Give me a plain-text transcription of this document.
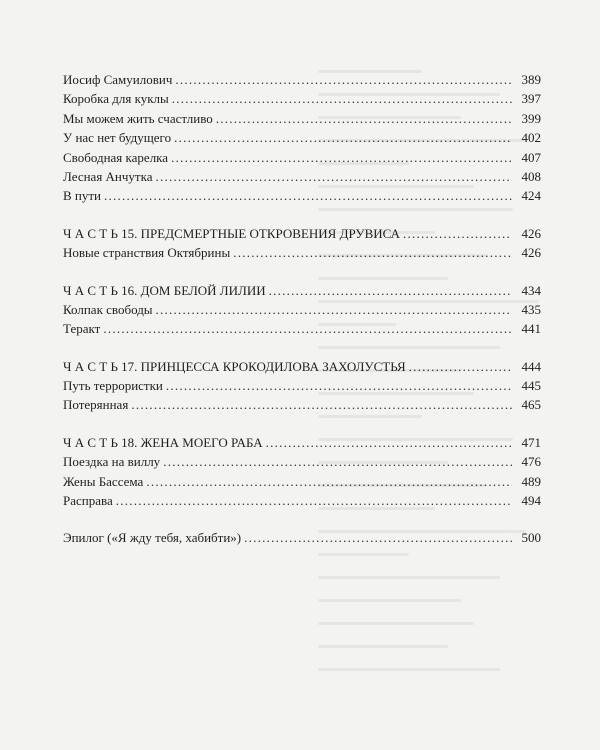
Иосиф Самуилович . . .	389
Коробка для куклы . . .	397
Мы можем жить счастливо . . .	399
У нас нет будущего . . .	402
Свободная карелка . . .	407
Лесная Анчутка . . .	408
В пути . . .	424
Ч А С Т Ь 15. ПРЕДСМЕРТНЫЕ ОТКРОВЕНИЯ ДРУВИСА . . .	426
Новые странствия Октябрины . . .	426
Ч А С Т Ь 16. ДОМ БЕЛОЙ ЛИЛИИ . . .	434
Колпак свободы . . .	435
Теракт . . .	441
Ч А С Т Ь 17. ПРИНЦЕССА КРОКОДИЛОВА ЗАХОЛУСТЬЯ . . .	444
Путь террористки . . .	445
Потерянная . . .	465
Ч А С Т Ь 18. ЖЕНА МОЕГО РАБА . . .	471
Поездка на виллу . . .	476
Жены Бассема . . .	489
Расправа . . .	494
Эпилог («Я жду тебя, хабибти») . . .	500
